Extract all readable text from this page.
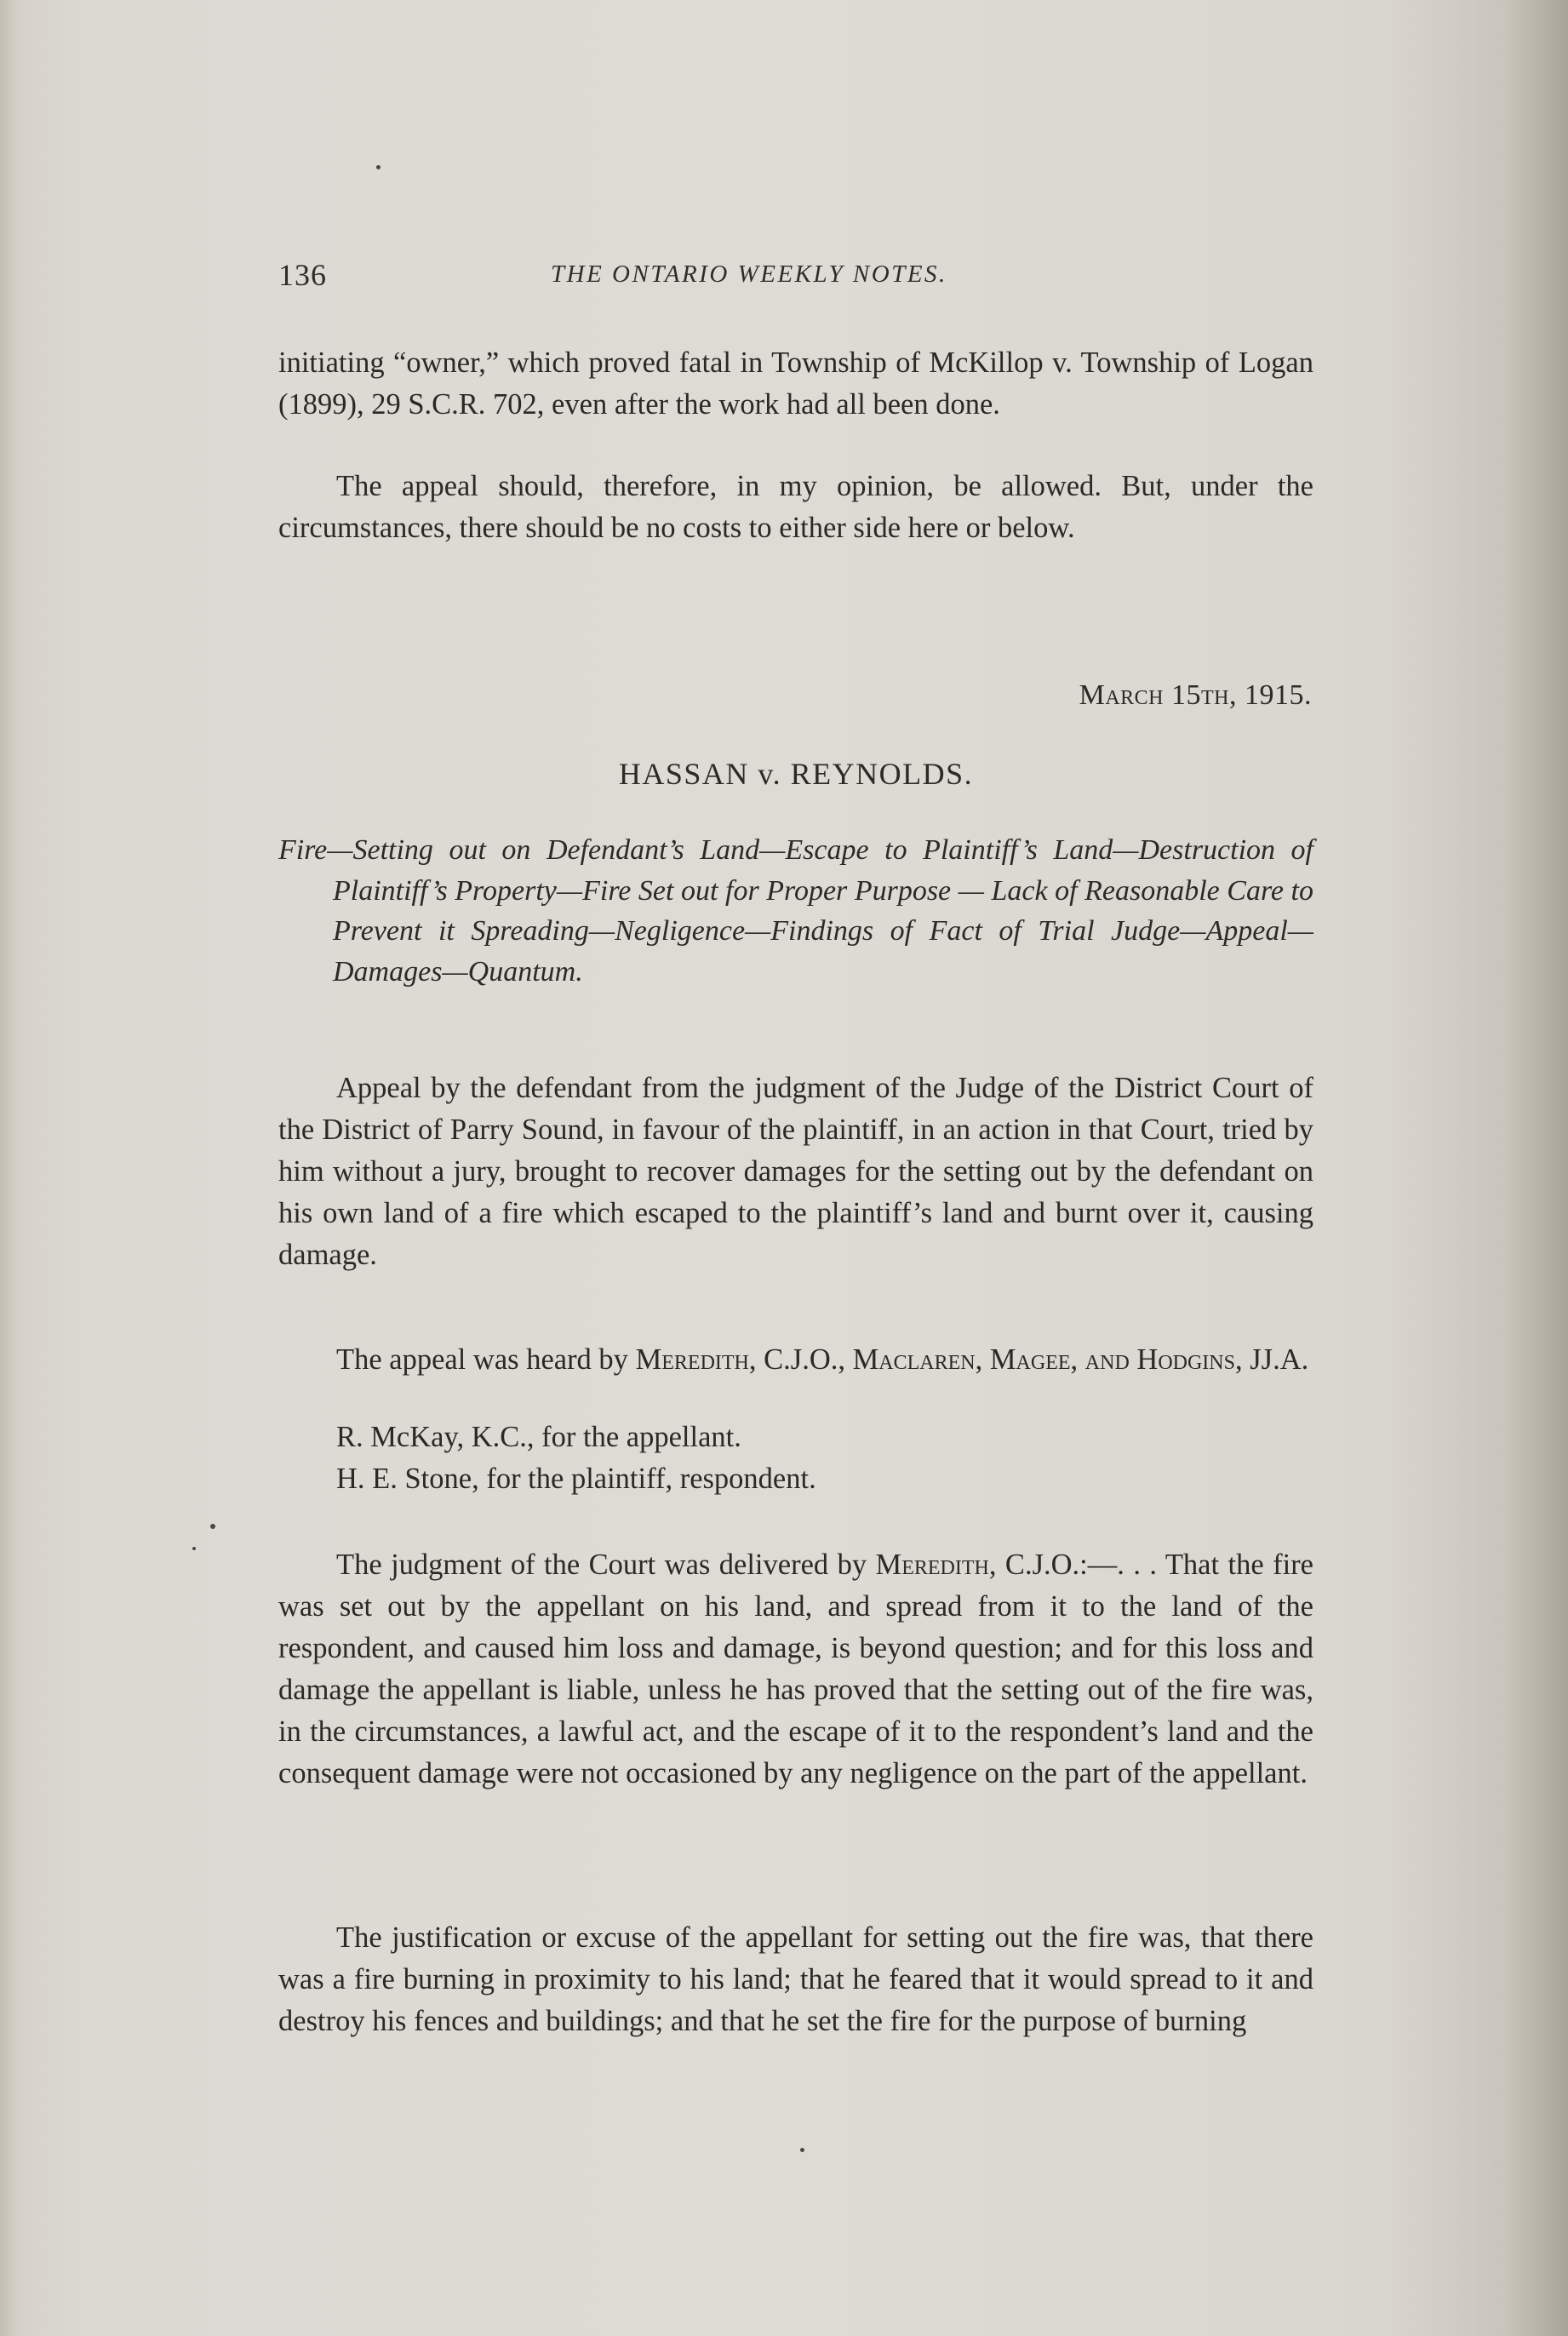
136	THE ONTARIO WEEKLY NOTES.

initiating “owner,” which proved fatal in Township of McKillop v. Township of Logan (1899), 29 S.C.R. 702, even after the work had all been done.

The appeal should, therefore, in my opinion, be allowed. But, under the circumstances, there should be no costs to either side here or below.

March 15th, 1915.
HASSAN v. REYNOLDS.
Fire—Setting out on Defendant’s Land—Escape to Plaintiff’s Land—Destruction of Plaintiff’s Property—Fire Set out for Proper Purpose — Lack of Reasonable Care to Prevent it Spreading—Negligence—Findings of Fact of Trial Judge—Appeal—Damages—Quantum.

Appeal by the defendant from the judgment of the Judge of the District Court of the District of Parry Sound, in favour of the plaintiff, in an action in that Court, tried by him without a jury, brought to recover damages for the setting out by the defendant on his own land of a fire which escaped to the plaintiff’s land and burnt over it, causing damage.

The appeal was heard by Meredith, C.J.O., Maclaren, Magee, and Hodgins, JJ.A.

R. McKay, K.C., for the appellant.
H. E. Stone, for the plaintiff, respondent.

The judgment of the Court was delivered by Meredith, C.J.O.:—. . . That the fire was set out by the appellant on his land, and spread from it to the land of the respondent, and caused him loss and damage, is beyond question; and for this loss and damage the appellant is liable, unless he has proved that the setting out of the fire was, in the circumstances, a lawful act, and the escape of it to the respondent’s land and the consequent damage were not occasioned by any negligence on the part of the appellant.

The justification or excuse of the appellant for setting out the fire was, that there was a fire burning in proximity to his land; that he feared that it would spread to it and destroy his fences and buildings; and that he set the fire for the purpose of burning
